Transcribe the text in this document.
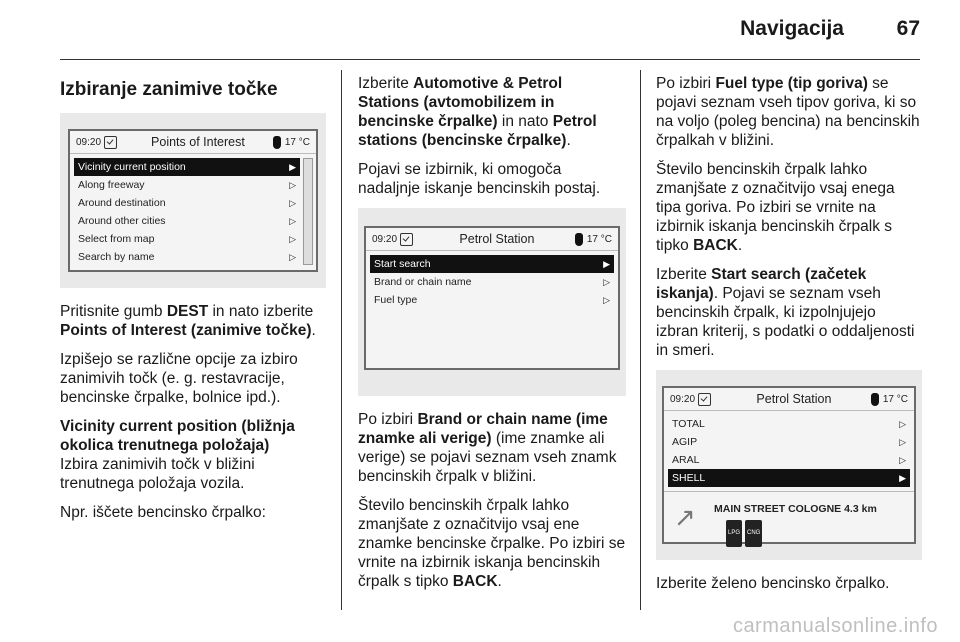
Navigacija	67
Izbiranje zanimive točke
09:20	Points of Interest	17 °C
Vicinity current position	▶
Along freeway	▷
Around destination	▷
Around other cities	▷
Select from map	▷
Search by name	▷

Pritisnite gumb DEST in nato izberite Points of Interest (zanimive točke).

Izpišejo se različne opcije za izbiro zanimivih točk (e. g. restavracije, bencinske črpalke, bolnice ipd.).

Vicinity current position (bližnja okolica trenutnega položaja)

Izbira zanimivih točk v bližini trenutnega položaja vozila.

Npr. iščete bencinsko črpalko:

Izberite Automotive & Petrol Stations (avtomobilizem in bencinske črpalke) in nato Petrol stations (bencinske črpalke).

Pojavi se izbirnik, ki omogoča nadaljnje iskanje bencinskih postaj.

09:20	Petrol Station	17 °C
Start search	▶
Brand or chain name	▷
Fuel type	▷

Po izbiri Brand or chain name (ime znamke ali verige) (ime znamke ali verige) se pojavi seznam vseh znamk bencinskih črpalk v bližini.

Število bencinskih črpalk lahko zmanjšate z označitvijo vsaj ene znamke bencinske črpalke. Po izbiri se vrnite na izbirnik iskanja bencinskih črpalk s tipko BACK.

Po izbiri Fuel type (tip goriva) se pojavi seznam vseh tipov goriva, ki so na voljo (poleg bencina) na bencinskih črpalkah v bližini.

Število bencinskih črpalk lahko zmanjšate z označitvijo vsaj enega tipa goriva. Po izbiri se vrnite na izbirnik iskanja bencinskih črpalk s tipko BACK.

Izberite Start search (začetek iskanja). Pojavi se seznam vseh bencinskih črpalk, ki izpolnjujejo izbran kriterij, s podatki o oddaljenosti in smeri.

09:20	Petrol Station	17 °C
TOTAL	▷
AGIP	▷
ARAL	▷
SHELL	▶
↗	MAIN STREET COLOGNE 4.3 km
LPG	CNG

Izberite želeno bencinsko črpalko.

carmanualsonline.info
